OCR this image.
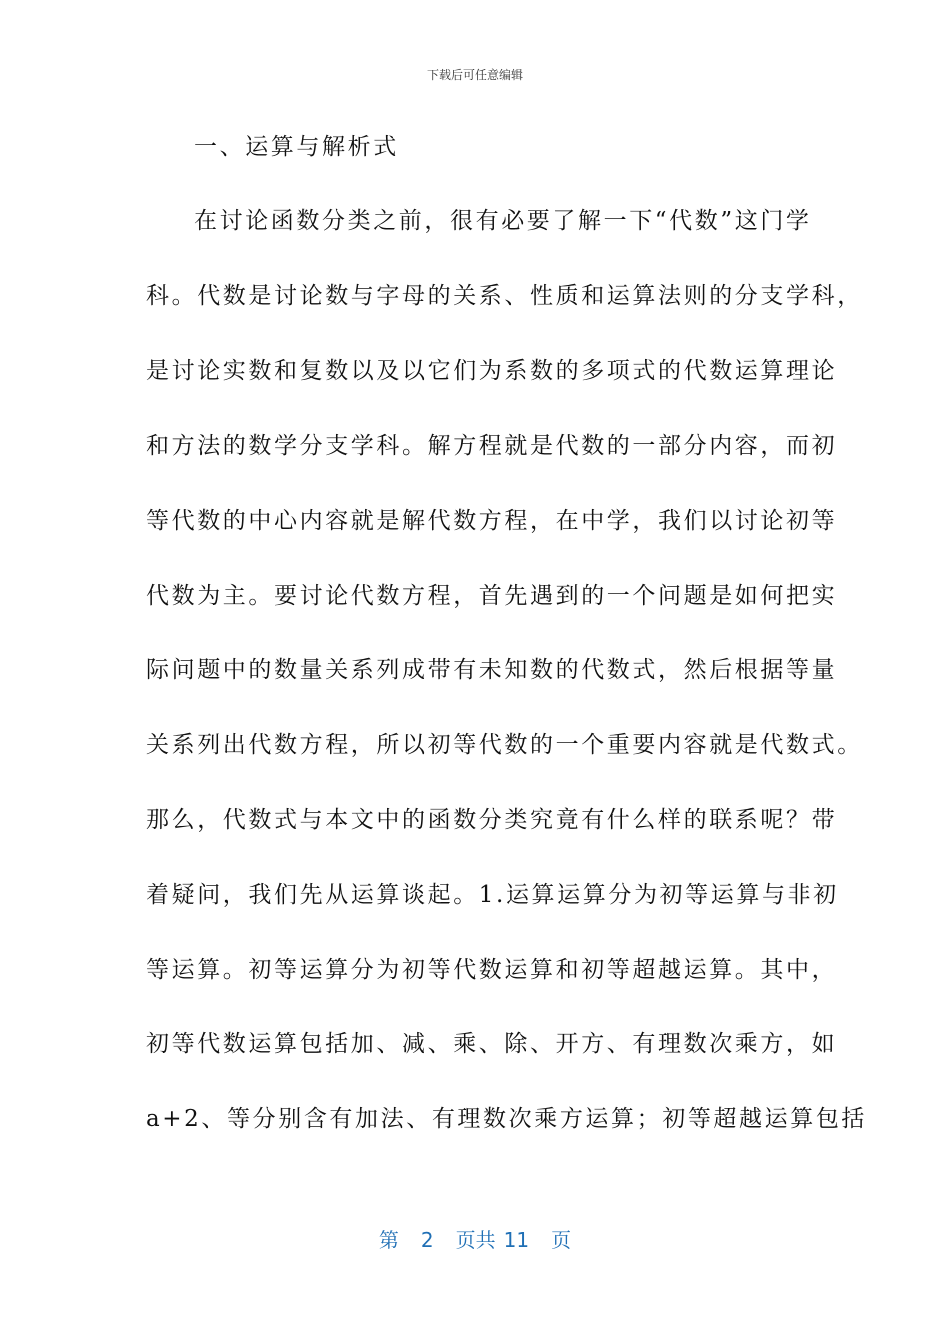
下载后可任意编辑
一、运算与解析式
在讨论函数分类之前，很有必要了解一下“代数”这门学
科。代数是讨论数与字母的关系、性质和运算法则的分支学科，
是讨论实数和复数以及以它们为系数的多项式的代数运算理论
和方法的数学分支学科。解方程就是代数的一部分内容，而初
等代数的中心内容就是解代数方程，在中学，我们以讨论初等
代数为主。要讨论代数方程，首先遇到的一个问题是如何把实
际问题中的数量关系列成带有未知数的代数式，然后根据等量
关系列出代数方程，所以初等代数的一个重要内容就是代数式。
那么，代数式与本文中的函数分类究竟有什么样的联系呢？带
着疑问，我们先从运算谈起。1.运算运算分为初等运算与非初
等运算。初等运算分为初等代数运算和初等超越运算。其中，
初等代数运算包括加、减、乘、除、开方、有理数次乘方，如
a+2、等分别含有加法、有理数次乘方运算；初等超越运算包括
第 2 页共 11 页
